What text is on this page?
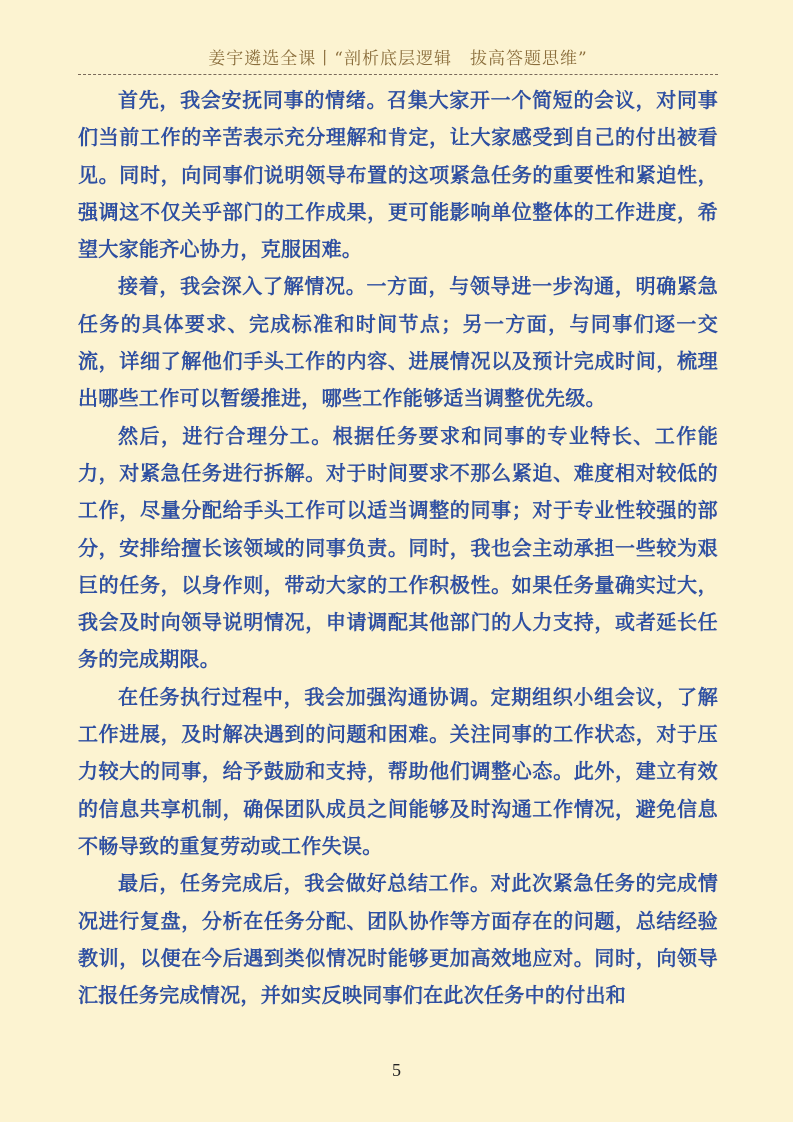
姜宇遴选全课丨“剖析底层逻辑　拔高答题思维”

首先，我会安抚同事的情绪。召集大家开一个简短的会议，对同事们当前工作的辛苦表示充分理解和肯定，让大家感受到自己的付出被看见。同时，向同事们说明领导布置的这项紧急任务的重要性和紧迫性，强调这不仅关乎部门的工作成果，更可能影响单位整体的工作进度，希望大家能齐心协力，克服困难。

接着，我会深入了解情况。一方面，与领导进一步沟通，明确紧急任务的具体要求、完成标准和时间节点；另一方面，与同事们逐一交流，详细了解他们手头工作的内容、进展情况以及预计完成时间，梳理出哪些工作可以暂缓推进，哪些工作能够适当调整优先级。

然后，进行合理分工。根据任务要求和同事的专业特长、工作能力，对紧急任务进行拆解。对于时间要求不那么紧迫、难度相对较低的工作，尽量分配给手头工作可以适当调整的同事；对于专业性较强的部分，安排给擅长该领域的同事负责。同时，我也会主动承担一些较为艰巨的任务，以身作则，带动大家的工作积极性。如果任务量确实过大，我会及时向领导说明情况，申请调配其他部门的人力支持，或者延长任务的完成期限。

在任务执行过程中，我会加强沟通协调。定期组织小组会议，了解工作进展，及时解决遇到的问题和困难。关注同事的工作状态，对于压力较大的同事，给予鼓励和支持，帮助他们调整心态。此外，建立有效的信息共享机制，确保团队成员之间能够及时沟通工作情况，避免信息不畅导致的重复劳动或工作失误。

最后，任务完成后，我会做好总结工作。对此次紧急任务的完成情况进行复盘，分析在任务分配、团队协作等方面存在的问题，总结经验教训，以便在今后遇到类似情况时能够更加高效地应对。同时，向领导汇报任务完成情况，并如实反映同事们在此次任务中的付出和

5
